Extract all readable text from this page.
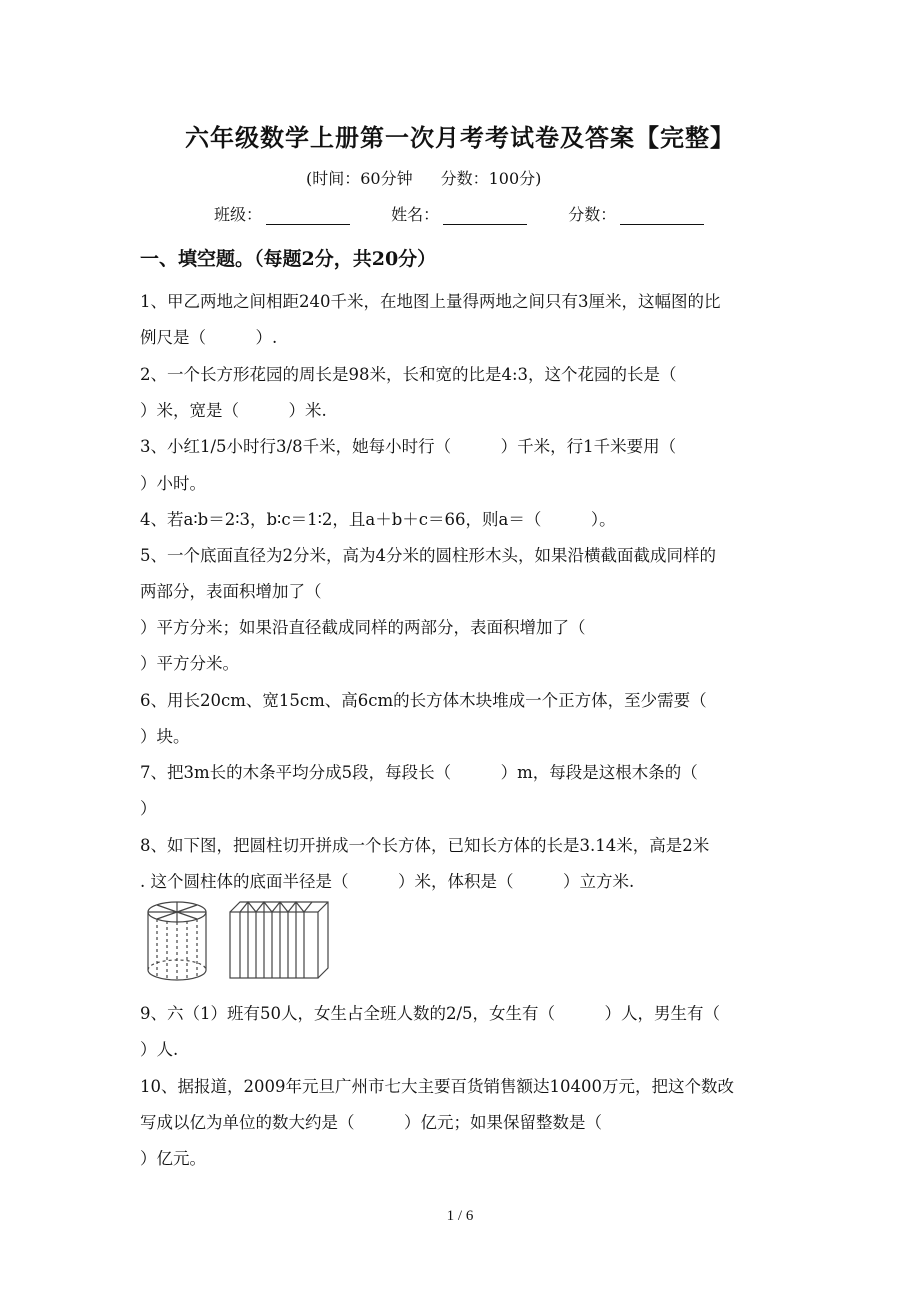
六年级数学上册第一次月考考试卷及答案【完整】
(时间：60分钟 分数：100分)
班级：	姓名：	分数：
一、填空题。（每题2分，共20分）
1、甲乙两地之间相距240千米，在地图上量得两地之间只有3厘米，这幅图的比
例尺是（　　　）.
2、一个长方形花园的周长是98米，长和宽的比是4:3，这个花园的长是（
）米，宽是（　　　）米.
3、小红1/5小时行3/8千米，她每小时行（　　　）千米，行1千米要用（
）小时。
4、若a∶b＝2∶3，b∶c＝1∶2，且a＋b＋c＝66，则a＝（　　　）。
5、一个底面直径为2分米，高为4分米的圆柱形木头，如果沿横截面截成同样的
两部分，表面积增加了（
）平方分米；如果沿直径截成同样的两部分，表面积增加了（
）平方分米。
6、用长20cm、宽15cm、高6cm的长方体木块堆成一个正方体，至少需要（
）块。
7、把3m长的木条平均分成5段，每段长（　　　）m，每段是这根木条的（
）
8、如下图，把圆柱切开拼成一个长方体，已知长方体的长是3.14米，高是2米
. 这个圆柱体的底面半径是（　　　）米，体积是（　　　）立方米.
9、六（1）班有50人，女生占全班人数的2/5，女生有（　　　）人，男生有（
）人.
10、据报道，2009年元旦广州市七大主要百货销售额达10400万元，把这个数改
写成以亿为单位的数大约是（　　　）亿元；如果保留整数是（
）亿元。
1 / 6
